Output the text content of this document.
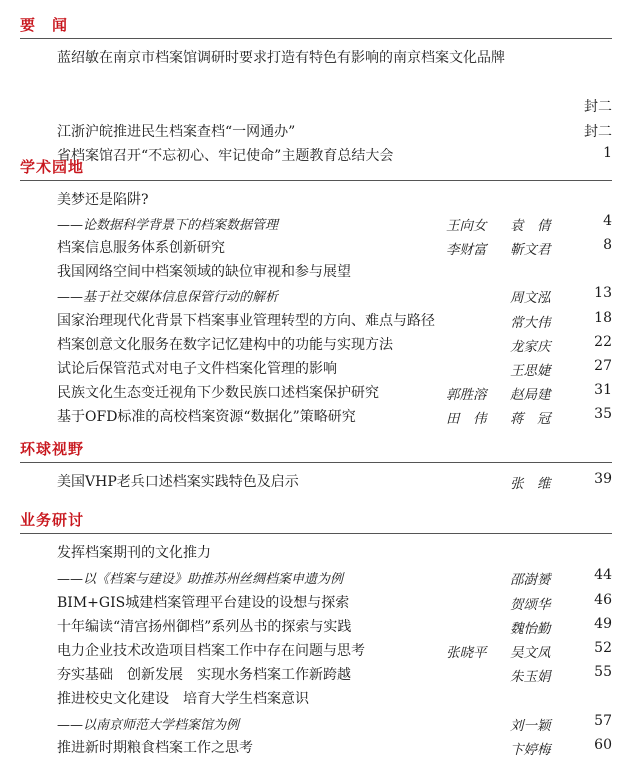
要　闻
蓝绍敏在南京市档案馆调研时要求打造有特色有影响的南京档案文化品牌
封二
江浙沪皖推进民生档案查档“一网通办”	封二
省档案馆召开“不忘初心、牢记使命”主题教育总结大会	1
学术园地
美梦还是陷阱?
——论数据科学背景下的档案数据管理	王向女 袁　倩	4
档案信息服务体系创新研究	李财富 靳文君	8
我国网络空间中档案领域的缺位审视和参与展望
——基于社交媒体信息保管行动的解析	周文泓	13
国家治理现代化背景下档案事业管理转型的方向、难点与路径	常大伟	18
档案创意文化服务在数字记忆建构中的功能与实现方法	龙家庆	22
试论后保管范式对电子文件档案化管理的影响	王思婕	27
民族文化生态变迁视角下少数民族口述档案保护研究	郭胜溶 赵局建	31
基于OFD标准的高校档案资源“数据化”策略研究	田　伟 蒋　冠	35
环球视野
美国VHP老兵口述档案实践特色及启示	张　维	39
业务研讨
发挥档案期刊的文化推力
——以《档案与建设》助推苏州丝绸档案申遗为例	邵澍赟	44
BIM+GIS城建档案管理平台建设的设想与探索	贺颂华	46
十年编读“清宫扬州御档”系列丛书的探索与实践	魏怡勤	49
电力企业技术改造项目档案工作中存在问题与思考	张晓平 吴文凤	52
夯实基础　创新发展　实现水务档案工作新跨越	朱玉娟	55
推进校史文化建设　培育大学生档案意识
——以南京师范大学档案馆为例	刘一颖	57
推进新时期粮食档案工作之思考	卞婷梅	60
